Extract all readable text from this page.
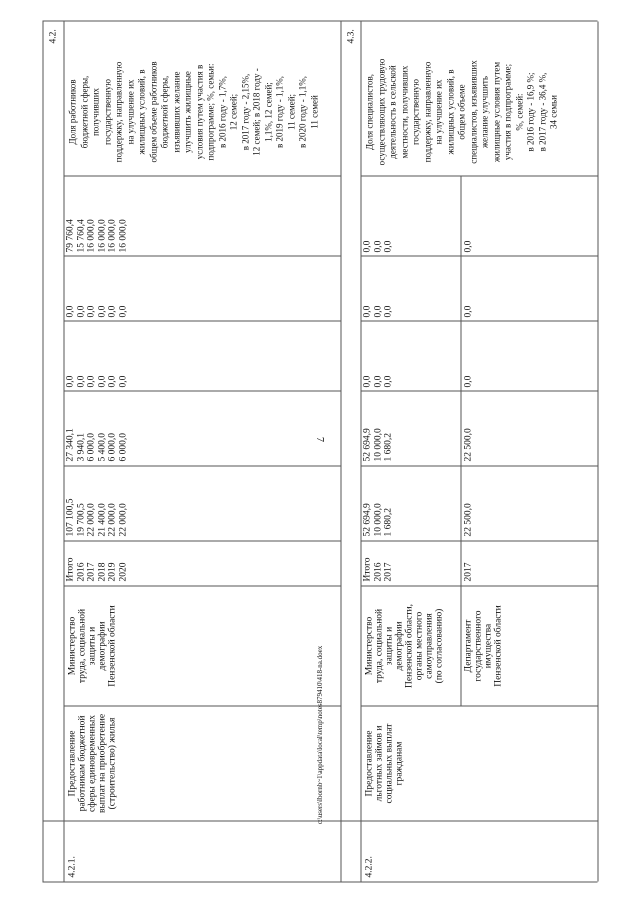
7
c:\users\lbornb~1\appdata\local\temp\notes879410\418-na.doex
4.2.	4.3.
4.2.1.
Предоставление работникам бюджетной сферы единовременных выплат на приобретение (строительство) жилья
Министерство труда, социальной защиты и демографии Пензенской области
Итого 2016 2017 2018 2019 2020
107 100,5 19 700,5 22 000,0 21 400,0 22 000,0 22 000,0
27 340,1 3 940,1 6 000,0 5 400,0 6 000,0 6 000,0
0,0 0,0 0,0 0,0 0,0 0,0
0,0 0,0 0,0 0,0 0,0 0,0
79 760,4 15 760,4 16 000,0 16 000,0 16 000,0 16 000,0
Доля работников бюджетной сферы, получивших государственную поддержку, направленную на улучшение их жилищных условий, в общем объеме работников бюджетной сферы, изъявивших желание улучшить жилищные условия путем участия в подпрограмме; %, семьи: в 2016 году - 1,7%, 12 семей; в 2017 году - 2,15%, 12 семей; в 2018 году - 1,1%, 12 семей; в 2019 году - 1,1%, 11 семей; в 2020 году - 1,1%, 11 семей
4.2.2.
Предоставление льготных займов и социальных выплат гражданам
Министерство труда, социальной защиты и демографии Пензенской области, органы местного самоуправления (по согласованию) Департамент государственного имущества Пензенской области
Итого 2016 2017
52 694,9 10 000,0 1 680,2
52 694,9 10 000,0 1 680,2
0,0 0,0 0,0
0,0 0,0 0,0
0,0 0,0 0,0
2017
22 500,0
22 500,0
0,0
0,0
0,0
Доля специалистов, осуществляющих трудовую деятельность в сельской местности, получивших государственную поддержку, направленную на улучшение их жилищных условий, в общем объеме специалистов, изъявивших желание улучшить жилищные условия путем участия в подпрограмме; %, семей: в 2016 году - 16,9 %; в 2017 году - 36,4 %, 34 семьи
